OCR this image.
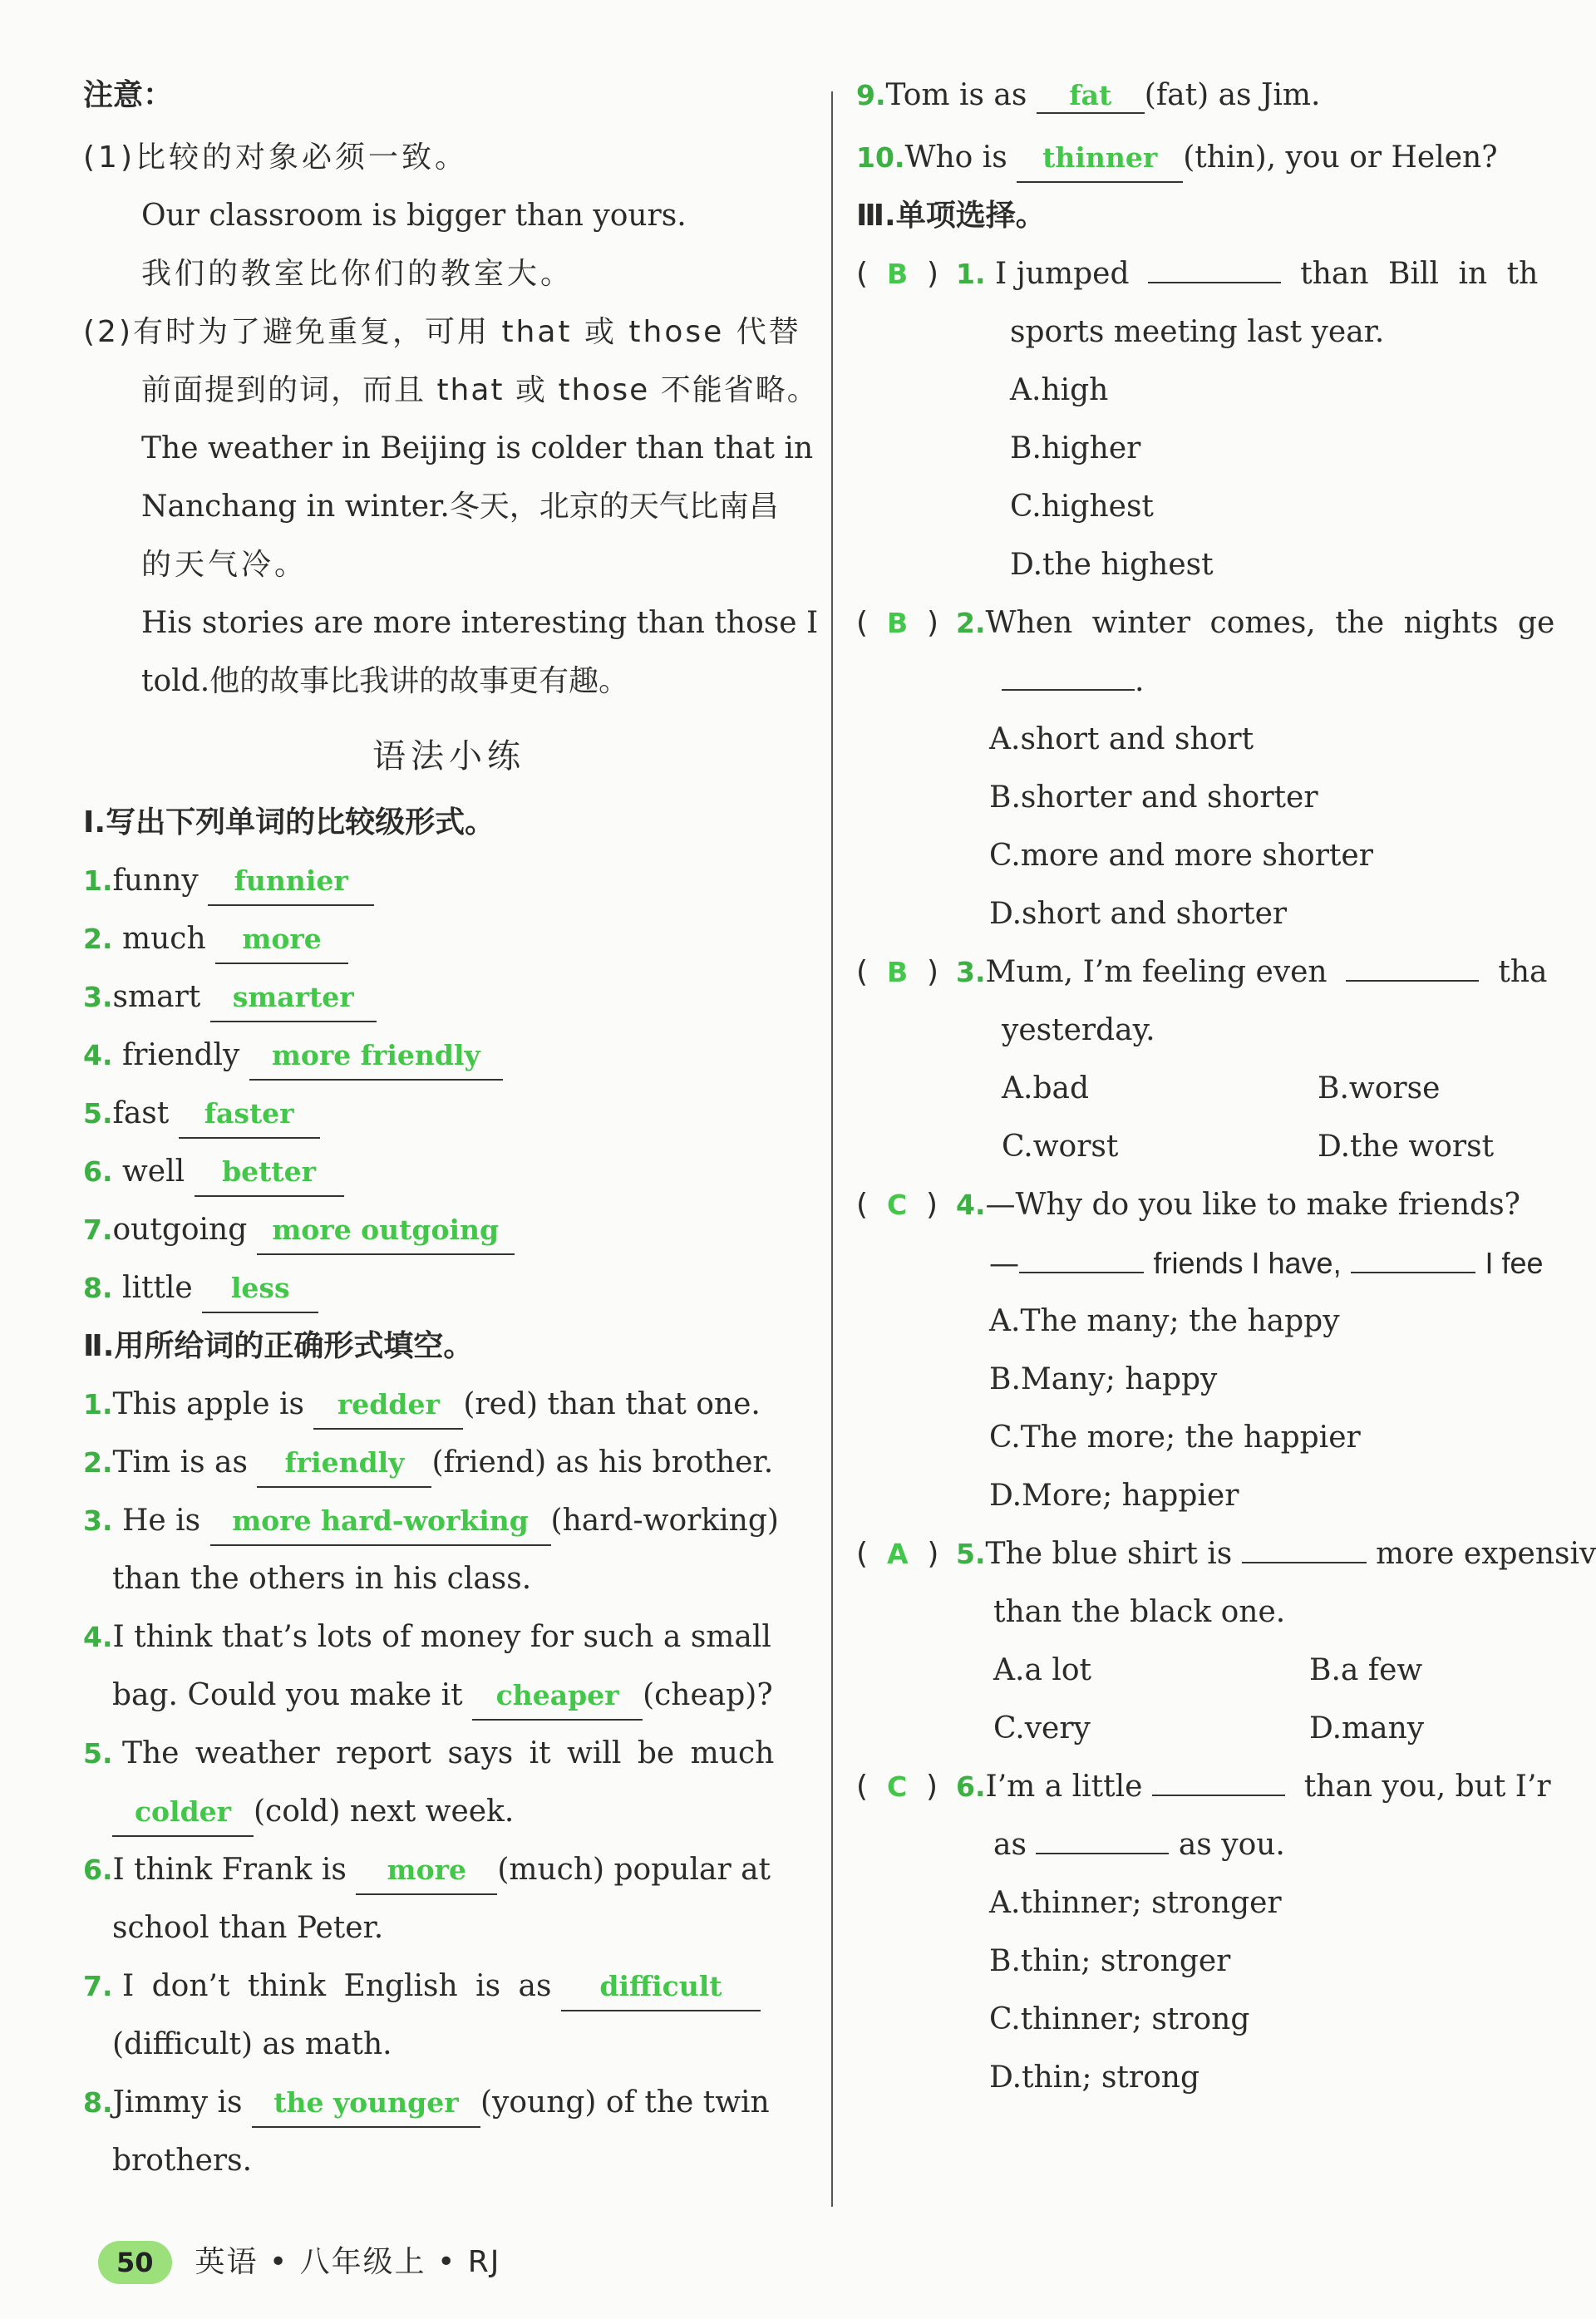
注意：
(1)比较的对象必须一致。
Our classroom is bigger than yours.
我们的教室比你们的教室大。
(2)有时为了避免重复，可用 that 或 those 代替
前面提到的词，而且 that 或 those 不能省略。
The weather in Beijing is colder than that in
Nanchang in winter.冬天，北京的天气比南昌
的天气冷。
His stories are more interesting than those I
told.他的故事比我讲的故事更有趣。
语法小练
Ⅰ.写出下列单词的比较级形式。
1.funny funnier
2. much more
3.smart smarter
4. friendly more friendly
5.fast faster
6. well better
7.outgoing more outgoing
8. little less
Ⅱ.用所给词的正确形式填空。
1.This apple is redder (red) than that one.
2.Tim is as friendly (friend) as his brother.
3. He is more hard-working (hard-working)
than the others in his class.
4.I think that’s lots of money for such a small
bag. Could you make it cheaper (cheap)?
5. The weather report says it will be much
colder (cold) next week.
6.I think Frank is more (much) popular at
school than Peter.
7. I don’t think English is as difficult
(difficult) as math.
8.Jimmy is the younger (young) of the twin
brothers.
9.Tom is as fat (fat) as Jim.
10.Who is thinner (thin), you or Helen?
Ⅲ.单项选择。
(  B  ) 1. I jumped	than Bill in th
sports meeting last year.
A.high
B.higher
C.highest
D.the highest
(  B  ) 2.When winter comes, the nights ge
.
A.short and short
B.shorter and shorter
C.more and more shorter
D.short and shorter
(  B  ) 3.Mum, I’m feeling even	tha
yesterday.
A.bad	B.worse
C.worst	D.the worst
(  C  ) 4.—Why do you like to make friends?
—	friends I have,	I fee
A.The many; the happy
B.Many; happy
C.The more; the happier
D.More; happier
(  A  ) 5.The blue shirt is	more expensiv
than the black one.
A.a lot	B.a few
C.very	D.many
(  C  ) 6.I’m a little	than you, but I’r
as	as you.
A.thinner; stronger
B.thin; stronger
C.thinner; strong
D.thin; strong
50 英语 • 八年级上 • RJ
